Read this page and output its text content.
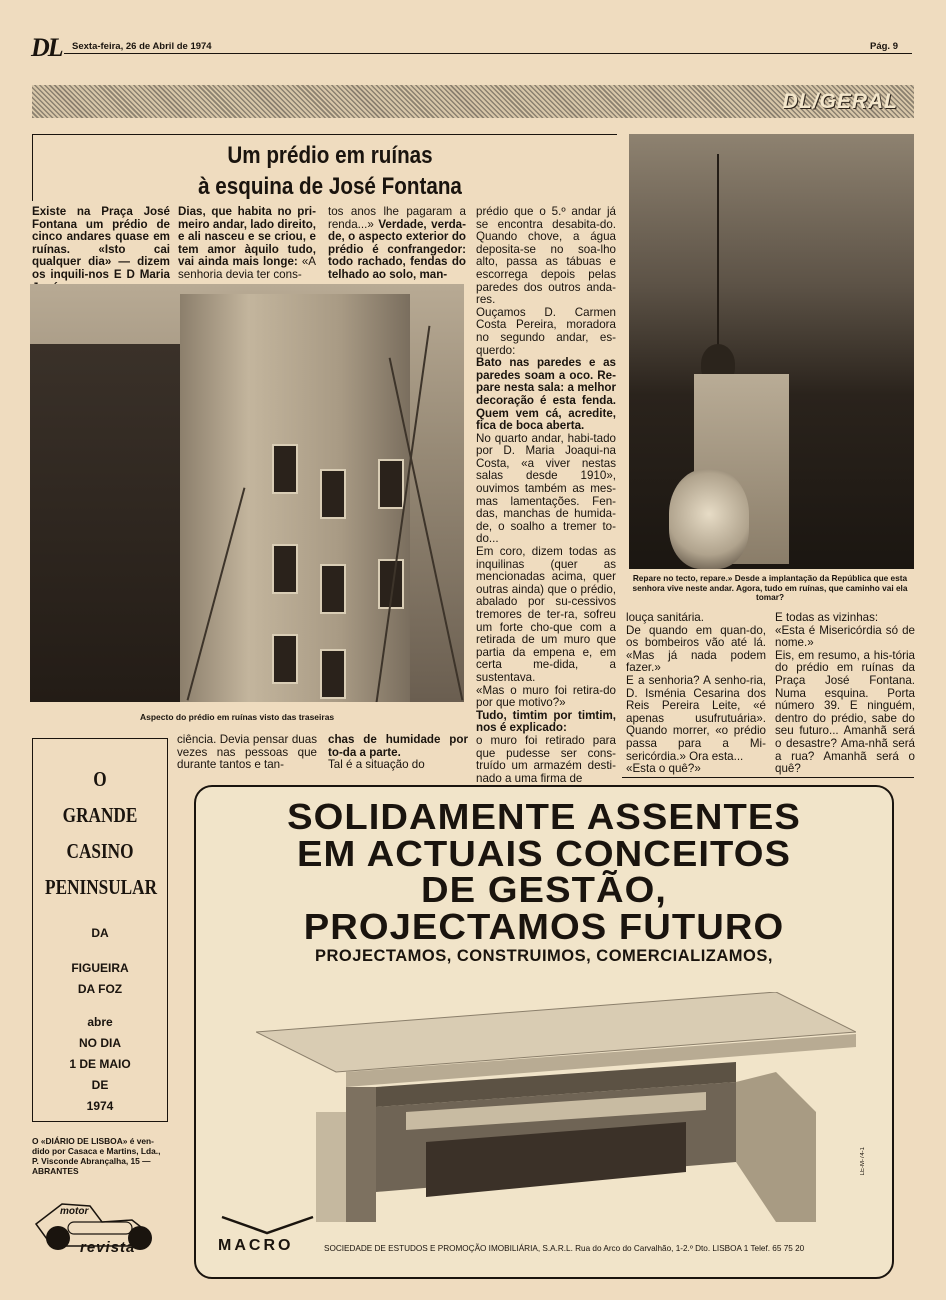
DL Sexta-feira, 26 de Abril de 1974	Pág. 9
DL/GERAL
Um prédio em ruínas
à esquina de José Fontana
Existe na Praça José Fontana um prédio de cinco andares quase em ruínas. «Isto cai qualquer dia» — dizem os inquili-nos E D Maria
Dias, que habita no pri-meiro andar, lado direito, e ali nasceu e se criou, e tem amor àquilo tudo, vai ainda mais longe: «A senhoria devia ter cons-
tos anos lhe pagaram a renda...» Verdade, verda-de, o aspecto exterior do prédio é confrangedor: todo rachado, fendas do telhado ao solo, man-
Aspecto do prédio em ruínas visto das traseiras
prédio que o 5.º andar já se encontra desabita-do. Quando chove, a água deposita-se no soa-lho alto, passa as tábuas e escorrega depois pelas paredes dos outros anda-res.
Ouçamos D. Carmen Costa Pereira, moradora no segundo andar, es-querdo:
Bato nas paredes e as paredes soam a oco. Re-pare nesta sala: a melhor decoração é esta fenda. Quem vem cá, acredite, fica de boca aberta.
No quarto andar, habi-tado por D. Maria Joaqui-na Costa, «a viver nestas salas desde 1910», ouvimos também as mes-mas lamentações. Fen-das, manchas de humida-de, o soalho a tremer to-do...
Em coro, dizem todas as inquilinas (quer as mencionadas acima, quer outras ainda) que o prédio, abalado por su-cessivos tremores de ter-ra, sofreu um forte cho-que com a retirada de um muro que partia da empena e, em certa me-dida, a sustentava.
«Mas o muro foi retira-do por que motivo?»
Tudo, timtim por timtim, nos é explicado:
o muro foi retirado para que pudesse ser cons-truído um armazém desti-nado a uma firma de
Repare no tecto, repare.» Desde a implantação da República que esta senhora vive neste andar. Agora, tudo em ruínas, que caminho vai ela tomar?
ciência. Devia pensar duas vezes nas pessoas que durante tantos e tan-
chas de humidade por to-da a parte.
Tal é a situação do
louça sanitária.
De quando em quan-do, os bombeiros vão até lá. «Mas já nada podem fazer.»
E a senhoria? A senho-ria, D. Isménia Cesarina dos Reis Pereira Leite, «é apenas usufrutuária». Quando morrer, «o prédio passa para a Mi-sericórdia.» Ora esta...
«Esta o quê?»
E todas as vizinhas:
«Esta é Misericórdia só de nome.»
Eis, em resumo, a his-tória do prédio em ruínas da Praça José Fontana. Numa esquina. Porta número 39. E ninguém, dentro do prédio, sabe do seu futuro... Amanhã será o desastre? Ama-nhã será a rua? Amanhã será o quê?
O
GRANDE
CASINO
PENINSULAR
DA
FIGUEIRA
DA FOZ
abre
NO DIA
1 DE MAIO
DE
1974
O «DIÁRIO DE LISBOA» é ven-dido por Casaca e Martins, Lda., P. Visconde Abrançalha, 15 — ABRANTES
motor
revista
SOLIDAMENTE ASSENTES
EM ACTUAIS CONCEITOS
DE GESTÃO,
PROJECTAMOS FUTURO
PROJECTAMOS, CONSTRUIMOS, COMERCIALIZAMOS,
MACRO	SOCIEDADE DE ESTUDOS E PROMOÇÃO IMOBILIÁRIA, S.A.R.L. Rua do Arco do Carvalhão, 1-2.º Dto. LISBOA 1 Telef. 65 75 20
LE-M-74-1
